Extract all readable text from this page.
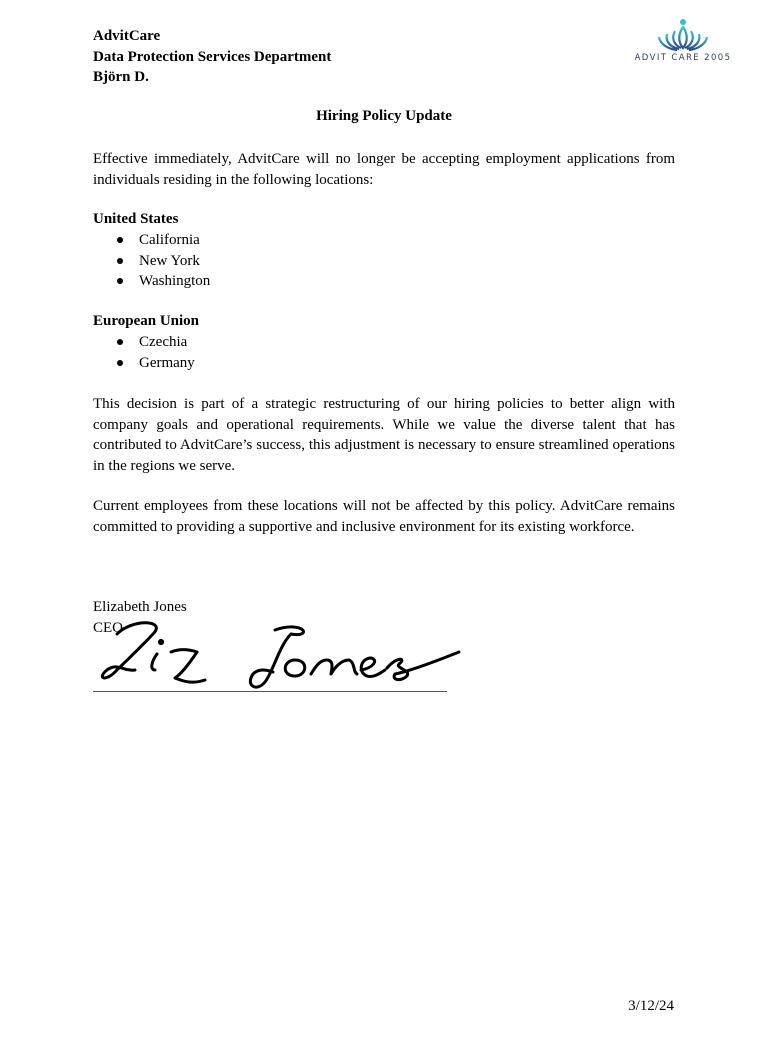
AdvitCare
Data Protection Services Department
Björn D.
ADVIT CARE 2005
Hiring Policy Update

Effective immediately, AdvitCare will no longer be accepting employment applications from individuals residing in the following locations:

United States
California
New York
Washington
European Union
Czechia
Germany

This decision is part of a strategic restructuring of our hiring policies to better align with company goals and operational requirements. While we value the diverse talent that has contributed to AdvitCare’s success, this adjustment is necessary to ensure streamlined operations in the regions we serve.

Current employees from these locations will not be affected by this policy. AdvitCare remains committed to providing a supportive and inclusive environment for its existing workforce.

Elizabeth Jones
CEO
3/12/24
